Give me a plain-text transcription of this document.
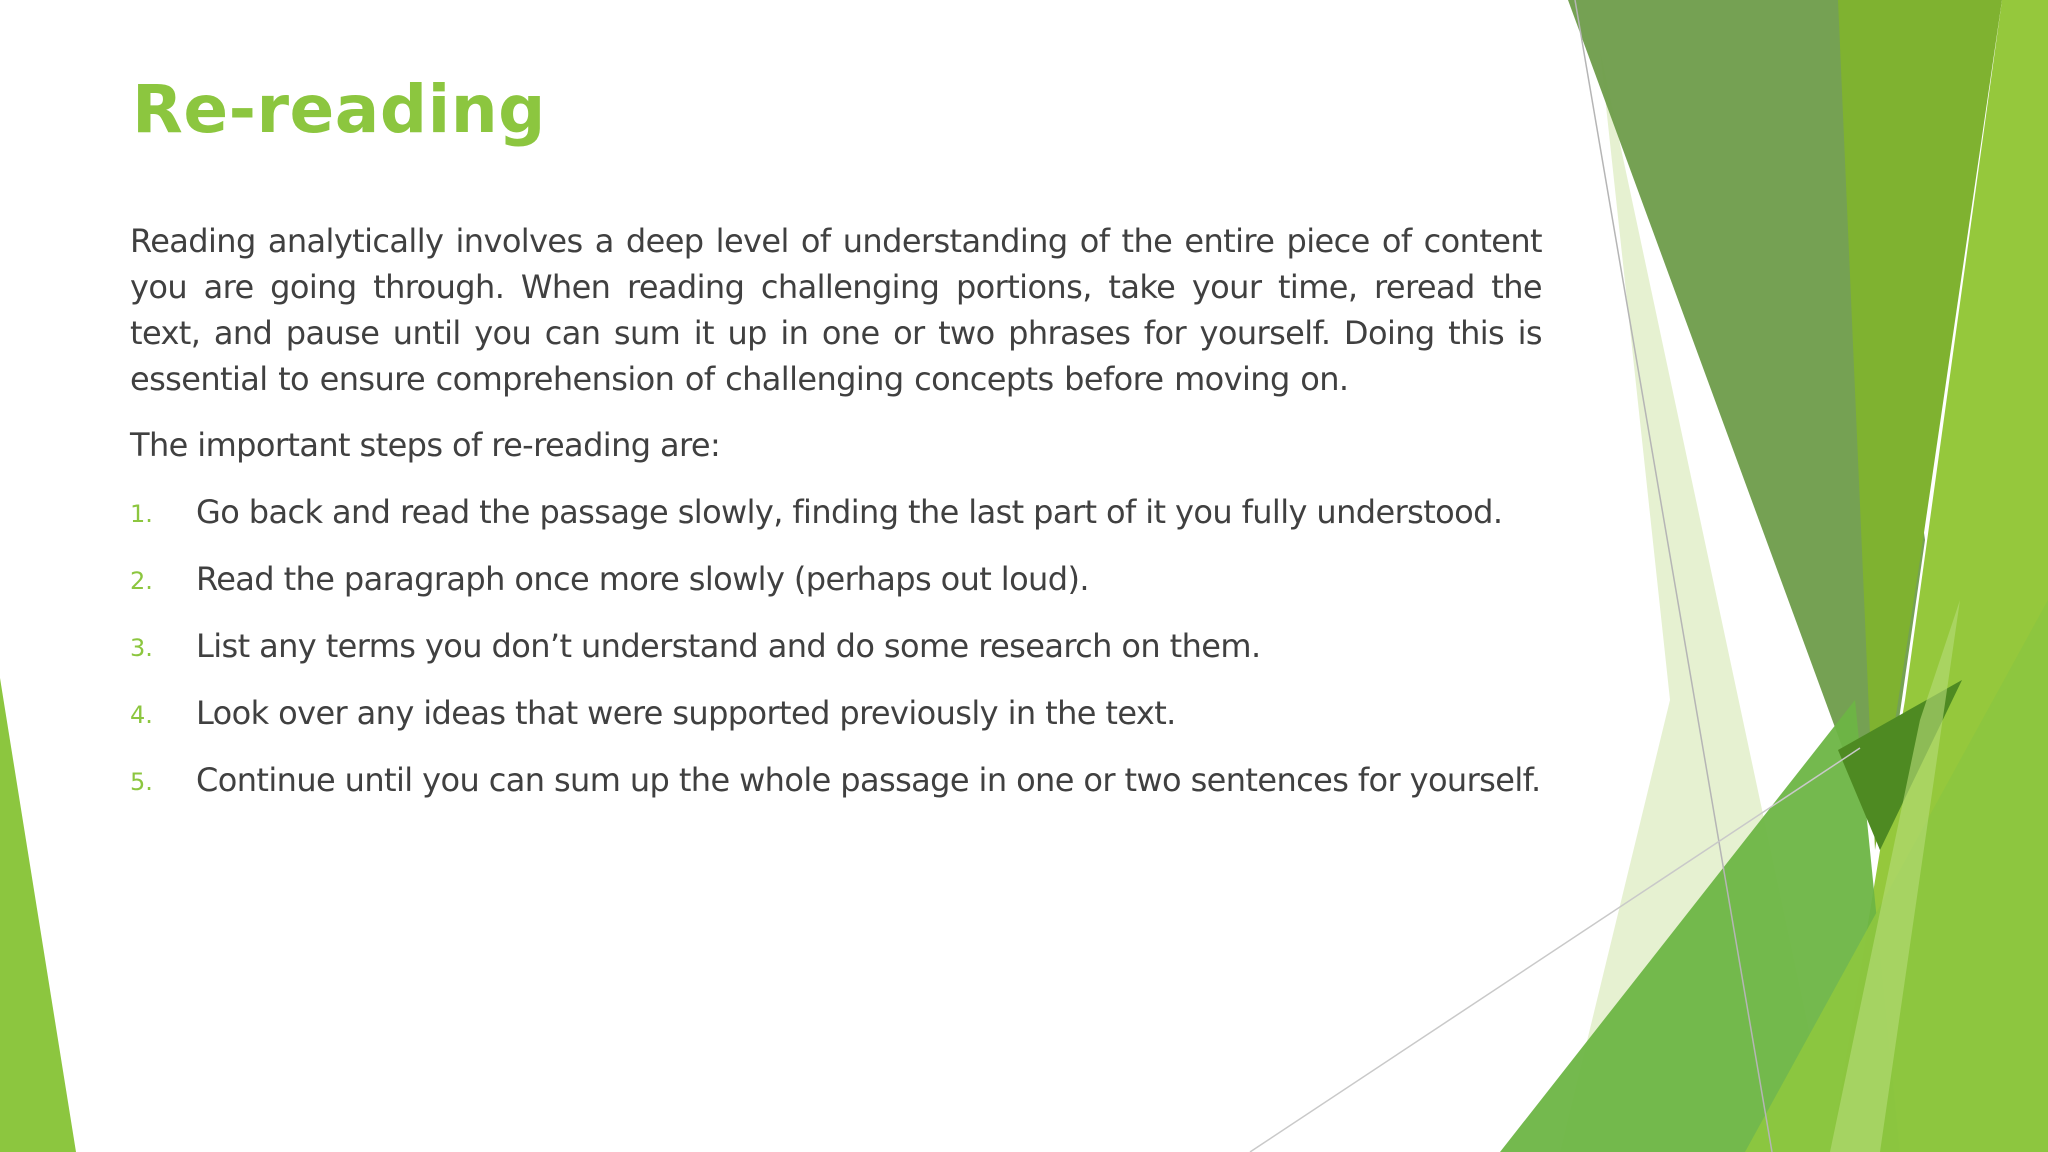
Re-reading

Reading analytically involves a deep level of understanding of the entire piece of content you are going through. When reading challenging portions, take your time, reread the text, and pause until you can sum it up in one or two phrases for yourself. Doing this is essential to ensure comprehension of challenging concepts before moving on.

The important steps of re-reading are:

1. Go back and read the passage slowly, finding the last part of it you fully understood.
2. Read the paragraph once more slowly (perhaps out loud).
3. List any terms you don’t understand and do some research on them.
4. Look over any ideas that were supported previously in the text.
5. Continue until you can sum up the whole passage in one or two sentences for yourself.
